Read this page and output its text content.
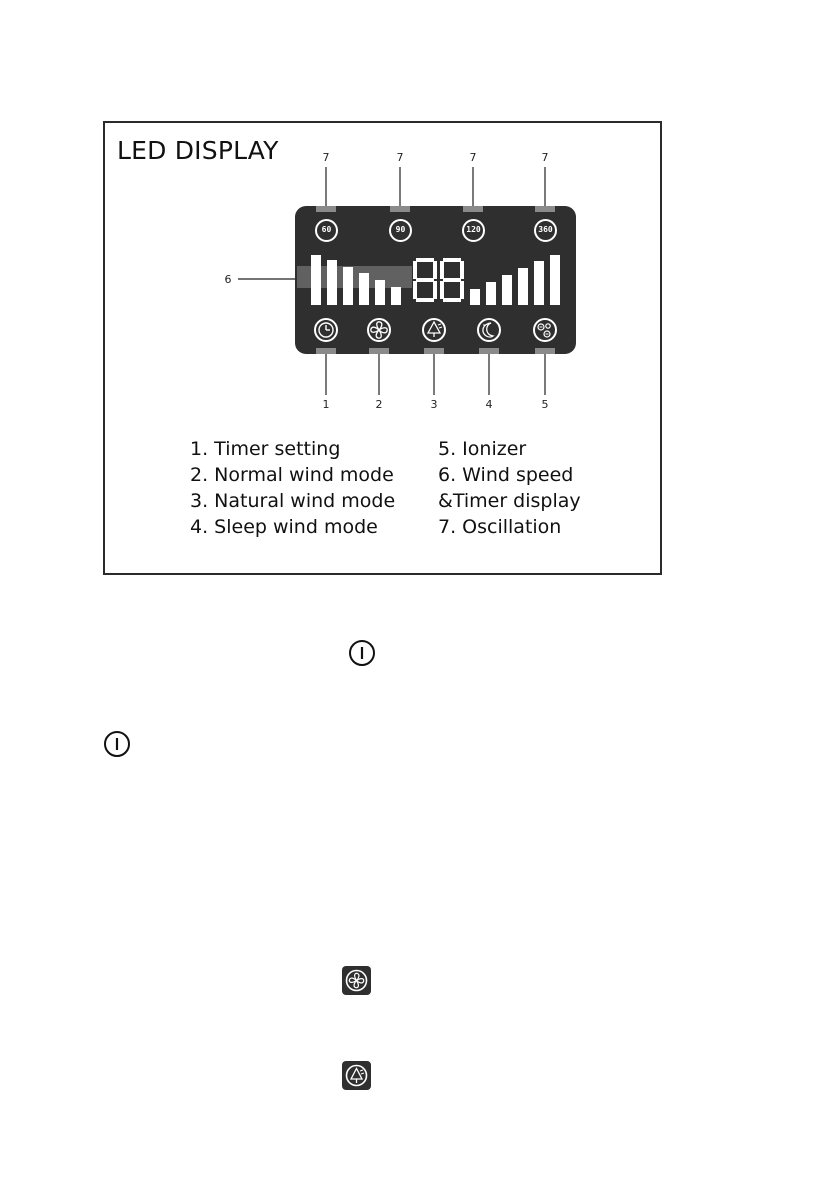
LED DISPLAY	7	7	7	7
6
1	2	3	4	5
60	90	120	360
1. Timer setting
2. Normal wind mode
3. Natural wind mode
4. Sleep wind mode
5. Ionizer
6. Wind speed
&Timer display
7. Oscillation
